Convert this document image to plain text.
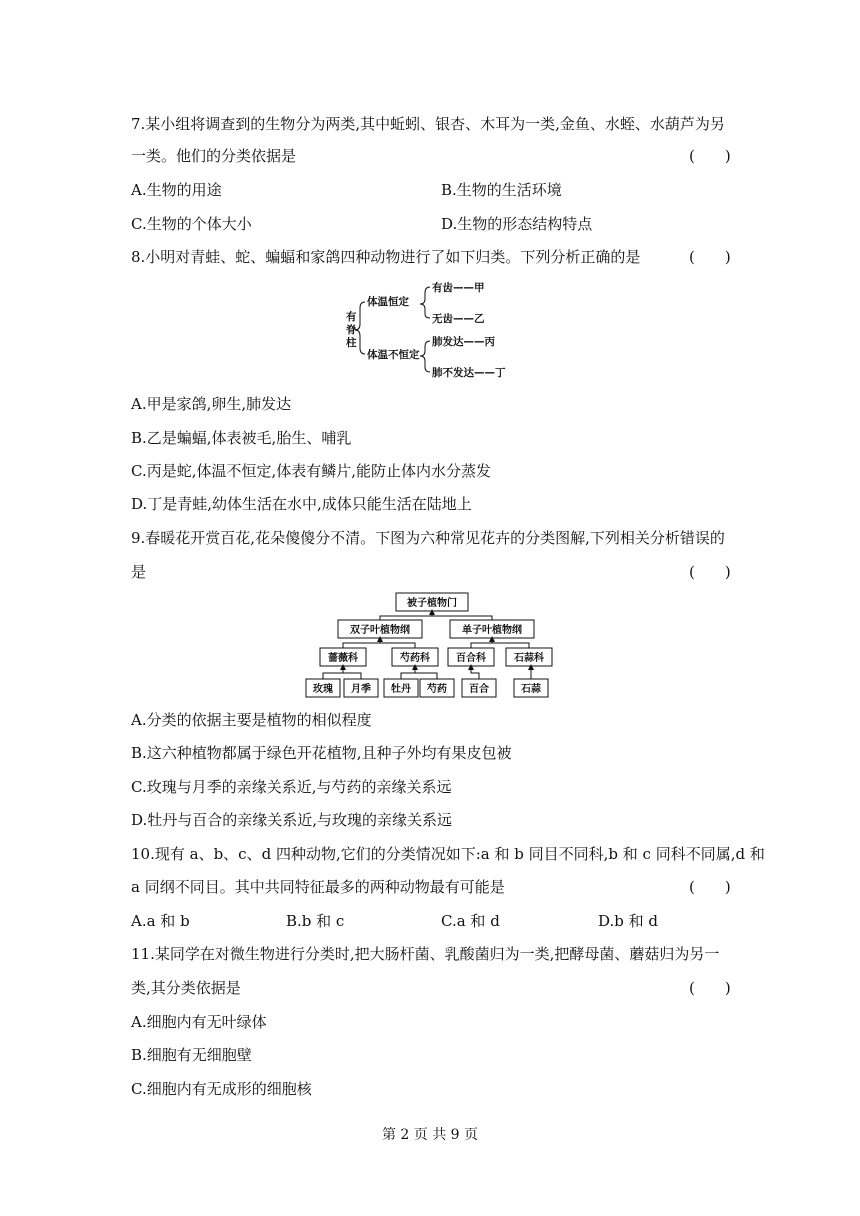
7.某小组将调查到的生物分为两类,其中蚯蚓、银杏、木耳为一类,金鱼、水蛭、水葫芦为另
一类。他们的分类依据是	(　　)
A.生物的用途	B.生物的生活环境
C.生物的个体大小	D.生物的形态结构特点
8.小明对青蛙、蛇、蝙蝠和家鸽四种动物进行了如下归类。下列分析正确的是	(　　)
有
脊
柱
体温恒定
体温不恒定
有齿——甲
无齿——乙
肺发达——丙
肺不发达——丁
A.甲是家鸽,卵生,肺发达
B.乙是蝙蝠,体表被毛,胎生、哺乳
C.丙是蛇,体温不恒定,体表有鳞片,能防止体内水分蒸发
D.丁是青蛙,幼体生活在水中,成体只能生活在陆地上
9.春暖花开赏百花,花朵傻傻分不清。下图为六种常见花卉的分类图解,下列相关分析错误的
是	(　　)
被子植物门
双子叶植物纲	单子叶植物纲
蔷薇科	芍药科	百合科	石蒜科
玫瑰 月季 牡丹 芍药 百合	石蒜
A.分类的依据主要是植物的相似程度
B.这六种植物都属于绿色开花植物,且种子外均有果皮包被
C.玫瑰与月季的亲缘关系近,与芍药的亲缘关系远
D.牡丹与百合的亲缘关系近,与玫瑰的亲缘关系远
10.现有 a、b、c、d 四种动物,它们的分类情况如下:a 和 b 同目不同科,b 和 c 同科不同属,d 和
a 同纲不同目。其中共同特征最多的两种动物最有可能是	(　　)
A.a 和 b	B.b 和 c	C.a 和 d	D.b 和 d
11.某同学在对微生物进行分类时,把大肠杆菌、乳酸菌归为一类,把酵母菌、蘑菇归为另一
类,其分类依据是	(　　)
A.细胞内有无叶绿体
B.细胞有无细胞壁
C.细胞内有无成形的细胞核
第 2 页 共 9 页
